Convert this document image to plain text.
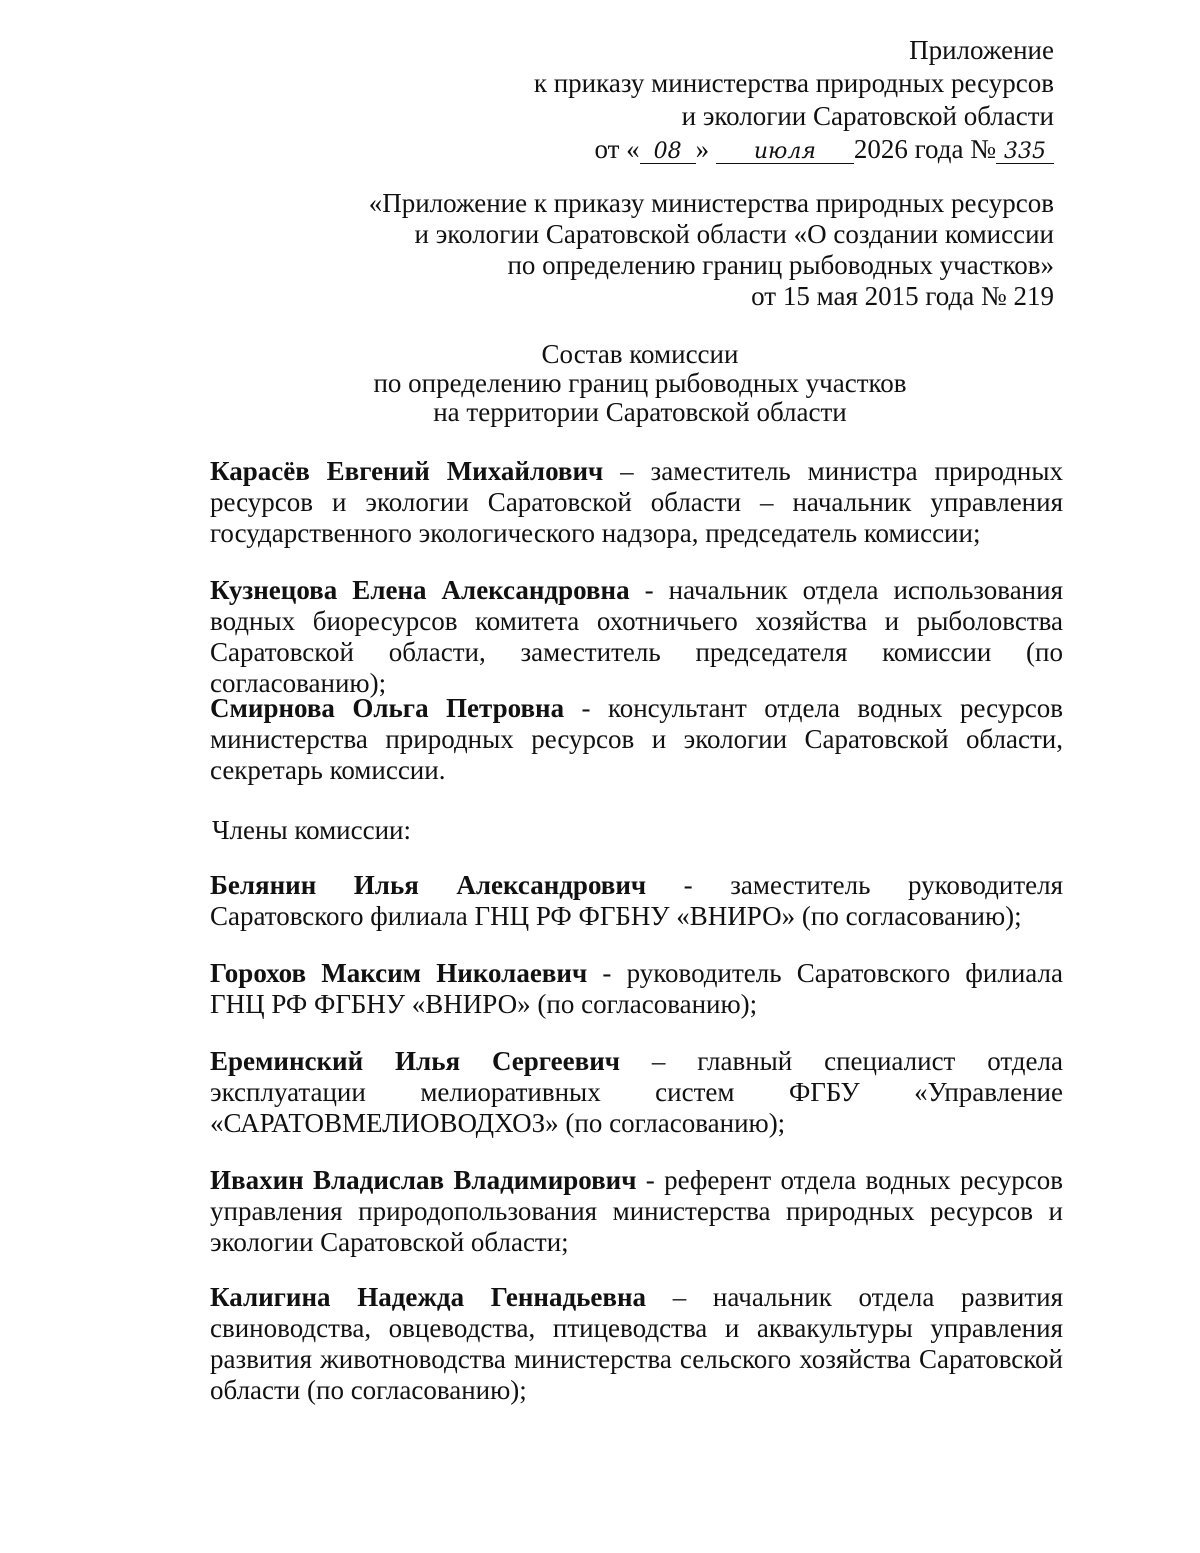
Приложение
к приказу министерства природных ресурсов
и экологии Саратовской области
от « 08 » июля 2026 года № 335
«Приложение к приказу министерства природных ресурсов
и экологии Саратовской области «О создании комиссии
по определению границ рыбоводных участков»
от 15 мая 2015 года № 219
Состав комиссии
по определению границ рыбоводных участков
на территории Саратовской области
Карасёв Евгений Михайлович – заместитель министра природных ресурсов и экологии Саратовской области – начальник управления государственного экологического надзора, председатель комиссии;
Кузнецова Елена Александровна - начальник отдела использования водных биоресурсов комитета охотничьего хозяйства и рыболовства Саратовской области, заместитель председателя комиссии (по согласованию);
Смирнова Ольга Петровна - консультант отдела водных ресурсов министерства природных ресурсов и экологии Саратовской области, секретарь комиссии.
Члены комиссии:
Белянин Илья Александрович - заместитель руководителя Саратовского филиала ГНЦ РФ ФГБНУ «ВНИРО» (по согласованию);
Горохов Максим Николаевич - руководитель Саратовского филиала ГНЦ РФ ФГБНУ «ВНИРО» (по согласованию);
Ереминский Илья Сергеевич – главный специалист отдела эксплуатации мелиоративных систем ФГБУ «Управление «САРАТОВМЕЛИОВОДХОЗ» (по согласованию);
Ивахин Владислав Владимирович - референт отдела водных ресурсов управления природопользования министерства природных ресурсов и экологии Саратовской области;
Калигина Надежда Геннадьевна – начальник отдела развития свиноводства, овцеводства, птицеводства и аквакультуры управления развития животноводства министерства сельского хозяйства Саратовской области (по согласованию);
